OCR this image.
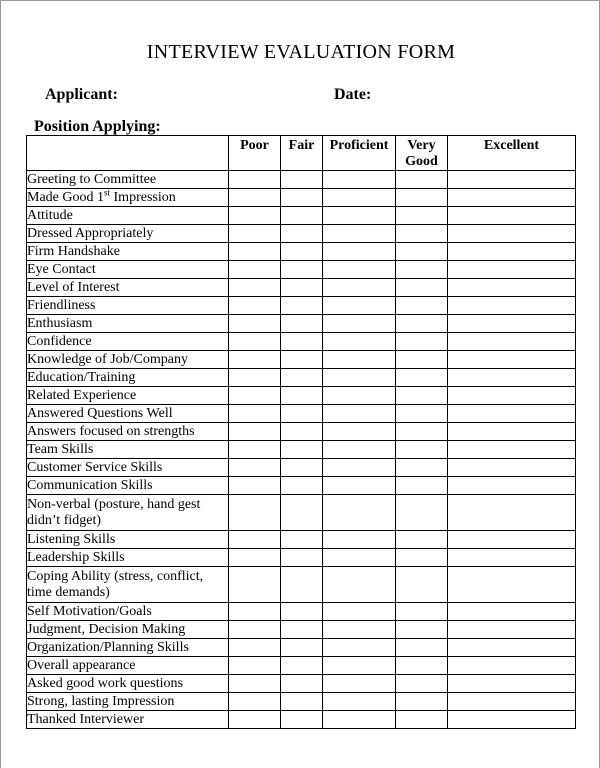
INTERVIEW EVALUATION FORM
Applicant:	Date:
Position Applying:
	Poor	Fair	Proficient	Very Good	Excellent
Greeting to Committee					
Made Good 1st Impression					
Attitude					
Dressed Appropriately					
Firm Handshake					
Eye Contact					
Level of Interest					
Friendliness					
Enthusiasm					
Confidence					
Knowledge of Job/Company					
Education/Training					
Related Experience					
Answered Questions Well					
Answers focused on strengths					
Team Skills					
Customer Service Skills					
Communication Skills					
Non-verbal (posture, hand gest didn’t fidget)					
Listening Skills					
Leadership Skills					
Coping Ability (stress, conflict, time demands)					
Self Motivation/Goals					
Judgment, Decision Making					
Organization/Planning Skills					
Overall appearance					
Asked good work questions					
Strong, lasting Impression					
Thanked Interviewer					
